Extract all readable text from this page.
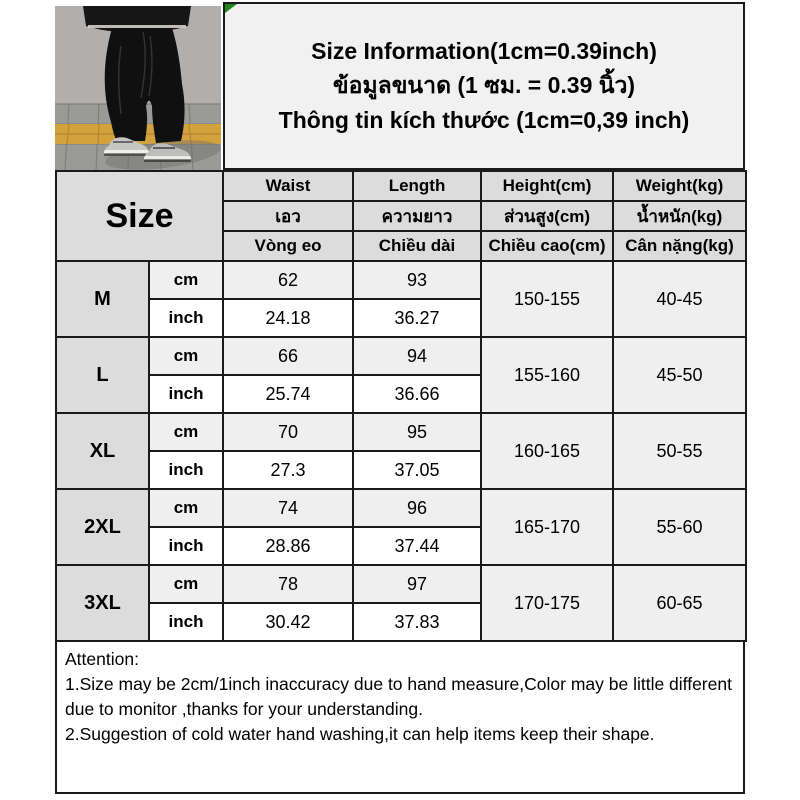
Size Information(1cm=0.39inch)
ข้อมูลขนาด (1 ซม. = 0.39 นิ้ว)
Thông tin kích thước (1cm=0,39 inch)
Size		Waist	Length	Height(cm)	Weight(kg)
		เอว	ความยาว	ส่วนสูง(cm)	น้ำหนัก(kg)
		Vòng eo	Chiều dài	Chiều cao(cm)	Cân nặng(kg)
M	cm	62	93	150-155	40-45
	inch	24.18	36.27		
L	cm	66	94	155-160	45-50
	inch	25.74	36.66		
XL	cm	70	95	160-165	50-55
	inch	27.3	37.05		
2XL	cm	74	96	165-170	55-60
	inch	28.86	37.44		
3XL	cm	78	97	170-175	60-65
	inch	30.42	37.83		

Attention:

1.Size may be 2cm/1inch inaccuracy due to hand measure,Color may be little different due to monitor ,thanks for your understanding.

2.Suggestion of cold water hand washing,it can help items keep their shape.
